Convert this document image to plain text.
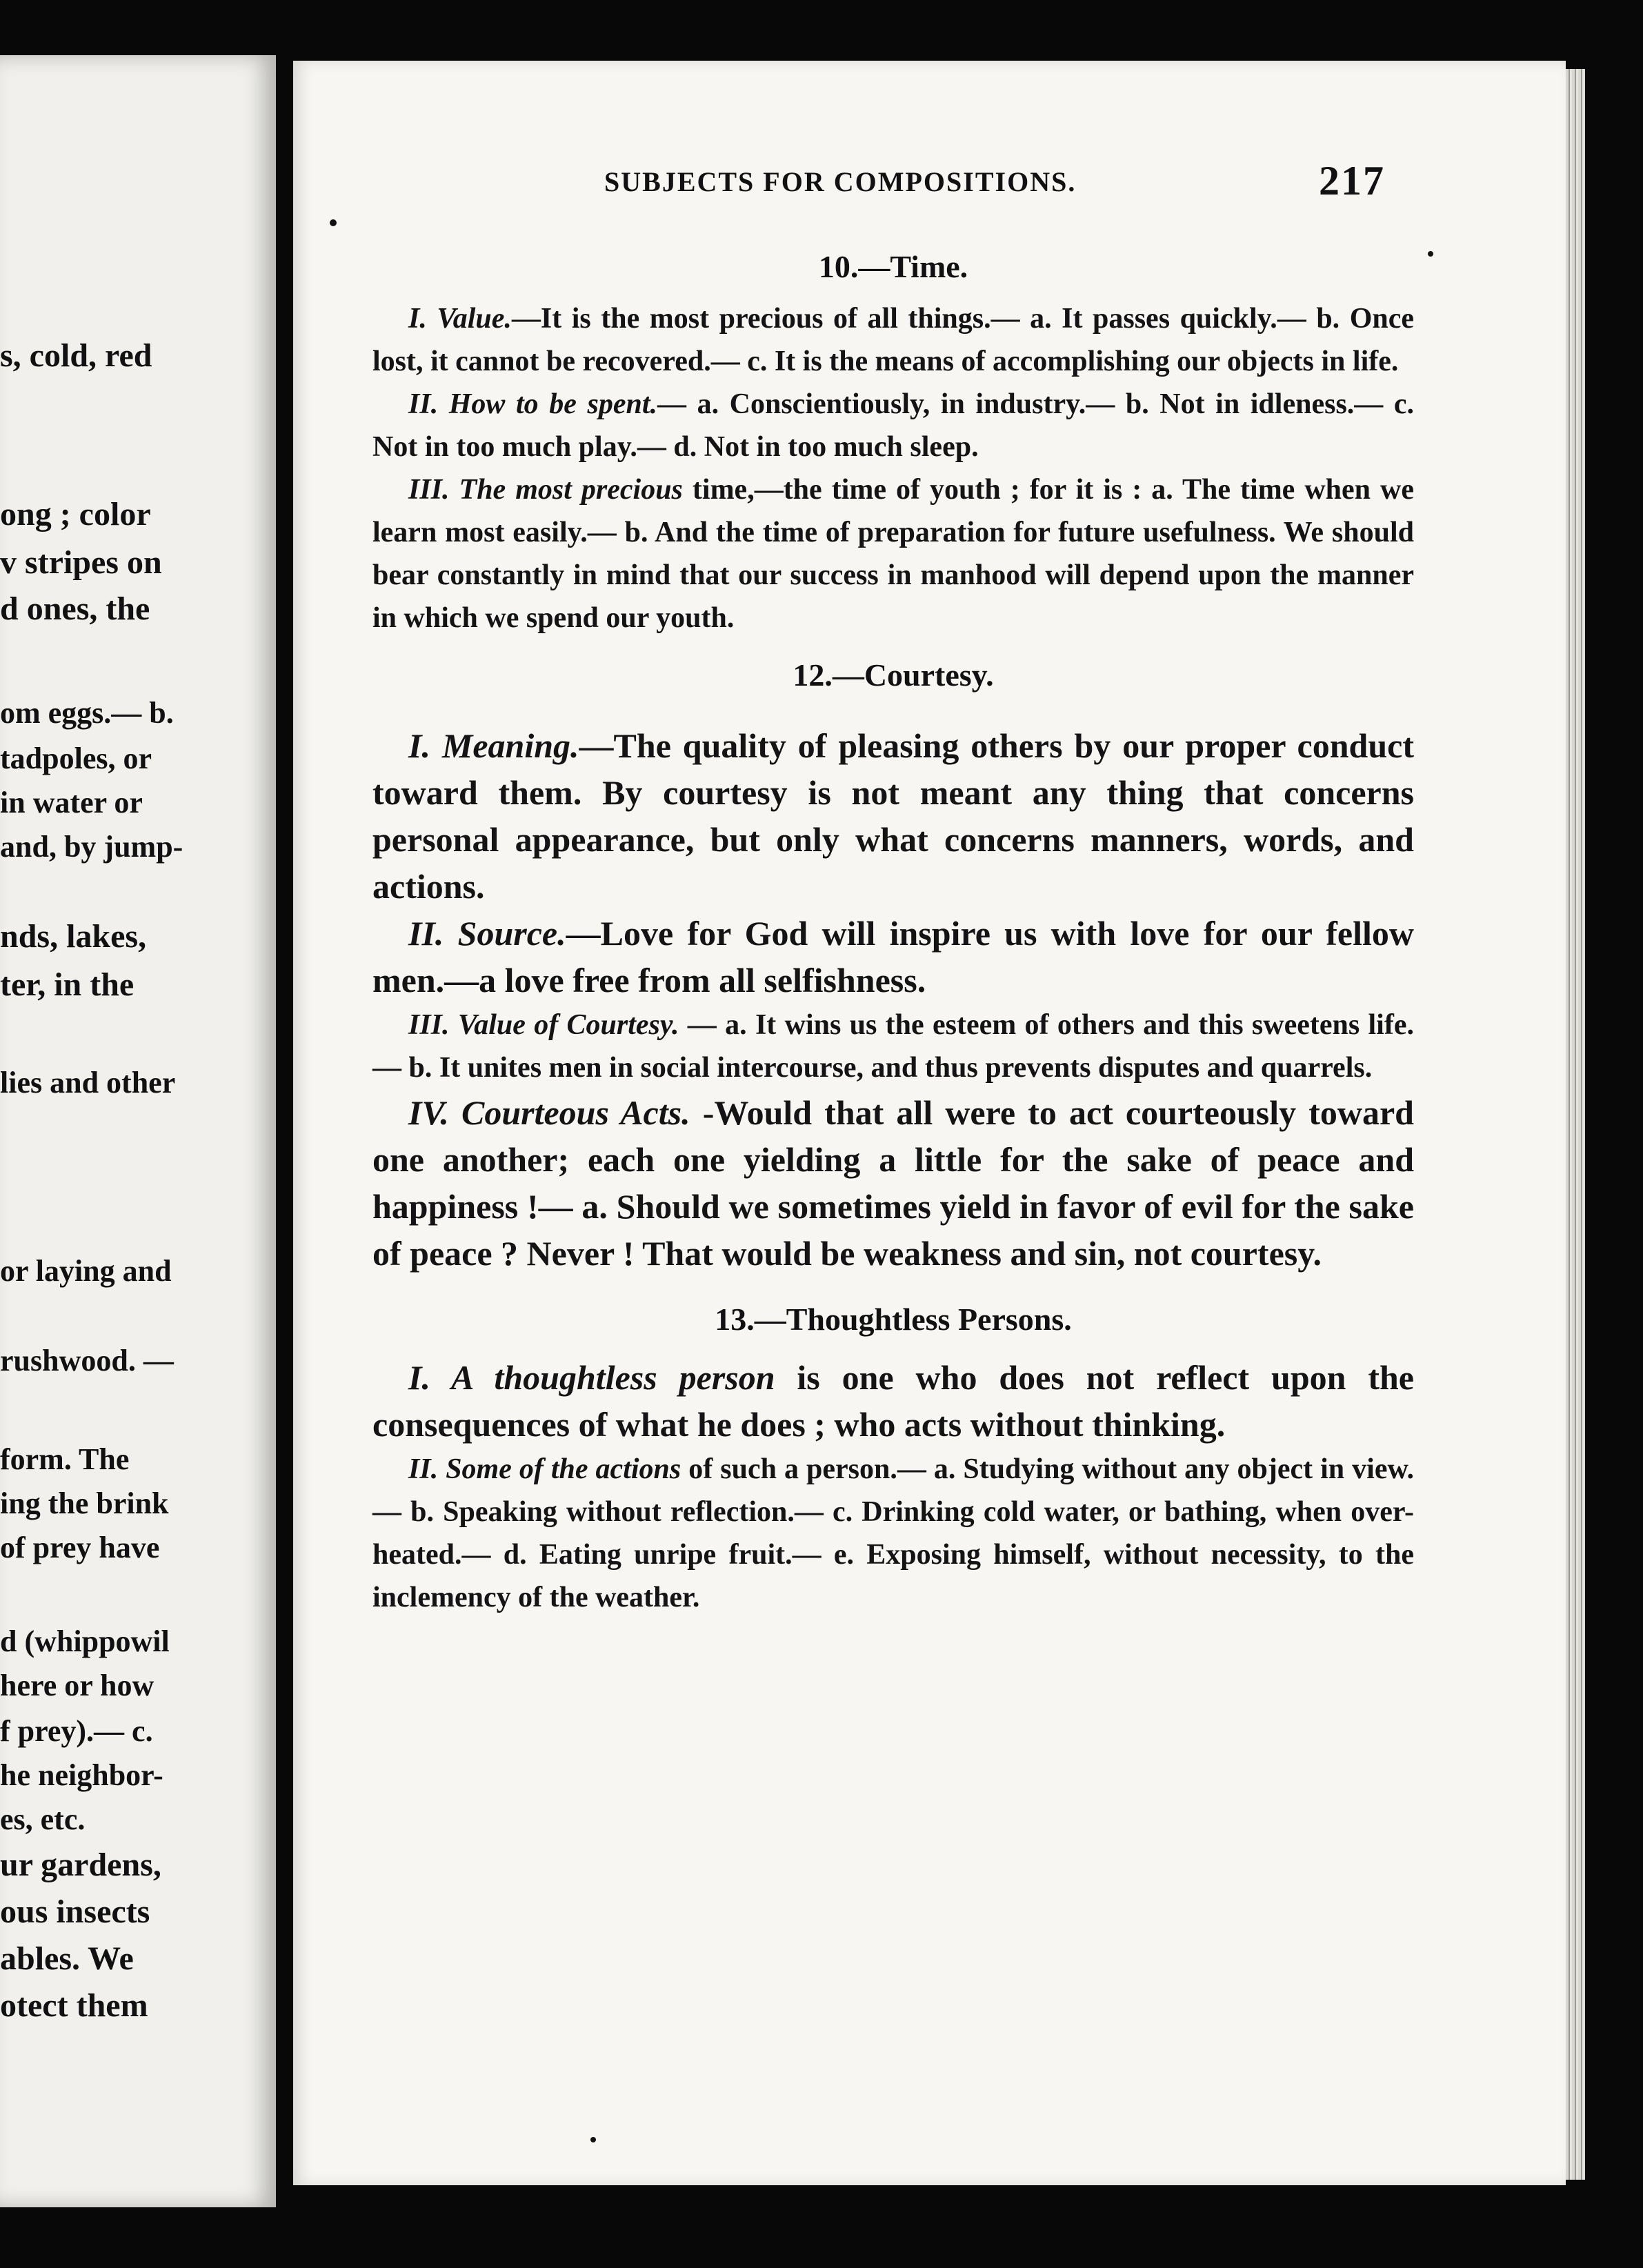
s, cold, red
ong ; color
v stripes on
d ones, the
om eggs.— b.
tadpoles, or
in water or
and, by jump-
nds, lakes,
ter, in the
lies and other
or laying and
rushwood. —
form. The
ing the brink
of prey have
d (whippowil
here or how
f prey).— c.
he neighbor-
es, etc.
ur gardens,
ous insects
ables. We
otect them
SUBJECTS FOR COMPOSITIONS.	217
10.—Time.

I. Value.—It is the most precious of all things.— a. It passes quickly.— b. Once lost, it cannot be recovered.— c. It is the means of accomplishing our objects in life.

II. How to be spent.— a. Conscientiously, in industry.— b. Not in idleness.— c. Not in too much play.— d. Not in too much sleep.

III. The most precious time,—the time of youth ; for it is : a. The time when we learn most easily.— b. And the time of preparation for future usefulness. We should bear constantly in mind that our success in manhood will depend upon the manner in which we spend our youth.

12.—Courtesy.

I. Meaning.—The quality of pleasing others by our proper conduct toward them. By courtesy is not meant any thing that concerns personal appearance, but only what concerns manners, words, and actions.

II. Source.—Love for God will inspire us with love for our fellow men.—a love free from all selfishness.

III. Value of Courtesy. — a. It wins us the esteem of others and this sweetens life.— b. It unites men in social intercourse, and thus prevents disputes and quarrels.

IV. Courteous Acts. -Would that all were to act courteously toward one another; each one yielding a little for the sake of peace and happiness !— a. Should we sometimes yield in favor of evil for the sake of peace ? Never ! That would be weakness and sin, not courtesy.

13.—Thoughtless Persons.

I. A thoughtless person is one who does not reflect upon the consequences of what he does ; who acts without thinking.

II. Some of the actions of such a person.— a. Studying without any object in view.— b. Speaking without reflection.— c. Drinking cold water, or bathing, when over-heated.— d. Eating unripe fruit.— e. Exposing himself, without necessity, to the inclemency of the weather.
